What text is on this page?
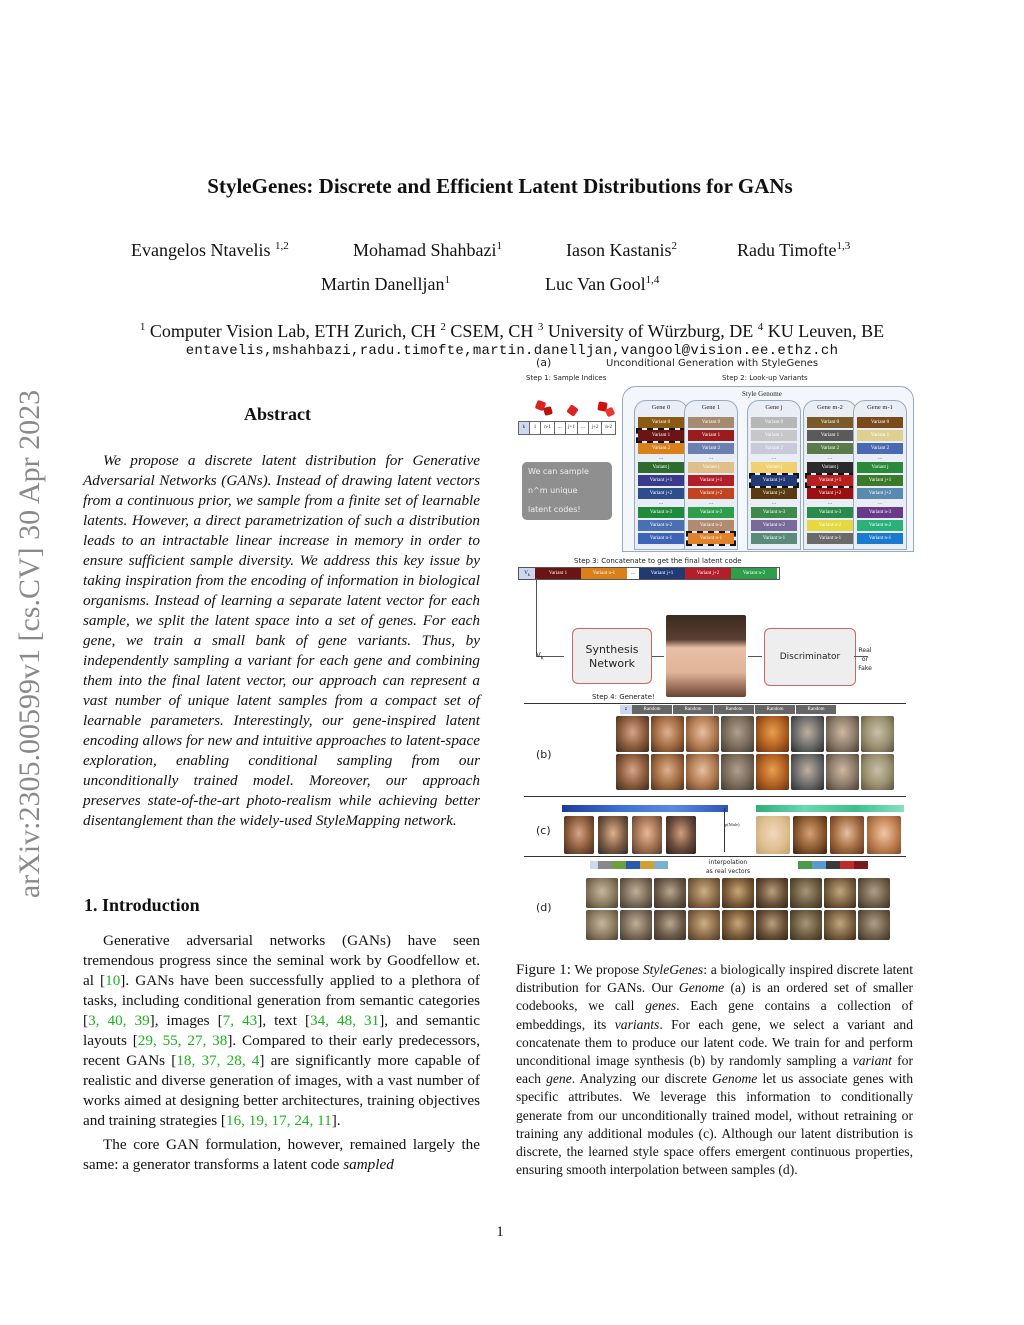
StyleGenes: Discrete and Efficient Latent Distributions for GANs
Evangelos Ntavelis $^{1,2}$	Mohamad Shahbazi$^1$	Iason Kastanis$^2$	Radu Timofte$^{1,3}$
Martin Danelljan$^1$	Luc Van Gool$^{1,4}$
$^1$ Computer Vision Lab, ETH Zurich, CH $^2$ CSEM, CH $^3$ University of Würzburg, DE $^4$ KU Leuven, BE
entavelis,mshahbazi,radu.timofte,martin.danelljan,vangool@vision.ee.ethz.ch
arXiv:2305.00599v1 [cs.CV] 30 Apr 2023	Abstract
We propose a discrete latent distribution for Generative Adversarial Networks (GANs). Instead of drawing latent vectors from a continuous prior, we sample from a finite set of learnable latents. However, a direct parametrization of such a distribution leads to an intractable linear increase in memory in order to ensure sufficient sample diversity. We address this key issue by taking inspiration from the encoding of information in biological organisms. Instead of learning a separate latent vector for each sample, we split the latent space into a set of genes. For each gene, we train a small bank of gene variants. Thus, by independently sampling a variant for each gene and combining them into the final latent vector, our approach can represent a vast number of unique latent samples from a compact set of learnable parameters. Interestingly, our gene-inspired latent encoding allows for new and intuitive approaches to latent-space exploration, enabling conditional sampling from our unconditionally trained model. Moreover, our approach preserves state-of-the-art photo-realism while achieving better disentanglement than the widely-used StyleMapping network.
1. Introduction

Generative adversarial networks (GANs) have seen tremendous progress since the seminal work by Goodfellow et. al [10]. GANs have been successfully applied to a plethora of tasks, including conditional generation from semantic categories [3, 40, 39], images [7, 43], text [34, 48, 31], and semantic layouts [29, 55, 27, 38]. Compared to their early predecessors, recent GANs [18, 37, 28, 4] are significantly more capable of realistic and diverse generation of images, with a vast number of works aimed at designing better architectures, training objectives and training strategies [16, 19, 17, 24, 11].

The core GAN formulation, however, remained largely the same: a generator transforms a latent code sampled

(a)	Unconditional Generation with StyleGenes
Step 1: Sample Indices	Step 2: Look-up Variants
k	1	n-1	...	j+1	...	j+2	n-2
We can sample
n^m unique
latent codes!
Style Genome
Gene 0
Variant 0
Variant 1
Variant 2
...
Variant j
Variant j+1
Variant j+2
...
Variant n-3
Variant n-2
Variant n-1
Gene 1
Variant 0
Variant 1
Variant 2
...
Variant j
Variant j+1
Variant j+2
...
Variant n-3
Variant n-2
Variant n-1
Gene j
Variant 0
Variant 1
Variant 2
...
Variant j
Variant j+1
Variant j+2
...
Variant n-3
Variant n-2
Variant n-1
Gene m-2
Variant 0
Variant 1
Variant 2
...
Variant j
Variant j+1
Variant j+2
...
Variant n-3
Variant n-2
Variant n-1
Gene m-1
Variant 0
Variant 1
Variant 2
...
Variant j
Variant j+1
Variant j+2
...
Variant n-3
Variant n-2
Variant n-1
Step 3: Concatenate to get the final latent code
$V_k$	Variant 1	Variant n-1	...	Variant j+1	Variant j+2	Variant n-2
$V_k$
Synthesis
Network	Discriminator
Real
or
Fake
Step 4: Generate!
z	Random	Random	Random	Random	Random
(b)
(c)	p(Male)
interpolation
as real vectors
(d)
Figure 1: We propose StyleGenes: a biologically inspired discrete latent distribution for GANs. Our Genome (a) is an ordered set of smaller codebooks, we call genes. Each gene contains a collection of embeddings, its variants. For each gene, we select a variant and concatenate them to produce our latent code. We train for and perform unconditional image synthesis (b) by randomly sampling a variant for each gene. Analyzing our discrete Genome let us associate genes with specific attributes. We leverage this information to conditionally generate from our unconditionally trained model, without retraining or training any additional modules (c). Although our latent distribution is discrete, the learned style space offers emergent continuous properties, ensuring smooth interpolation between samples (d).
1
